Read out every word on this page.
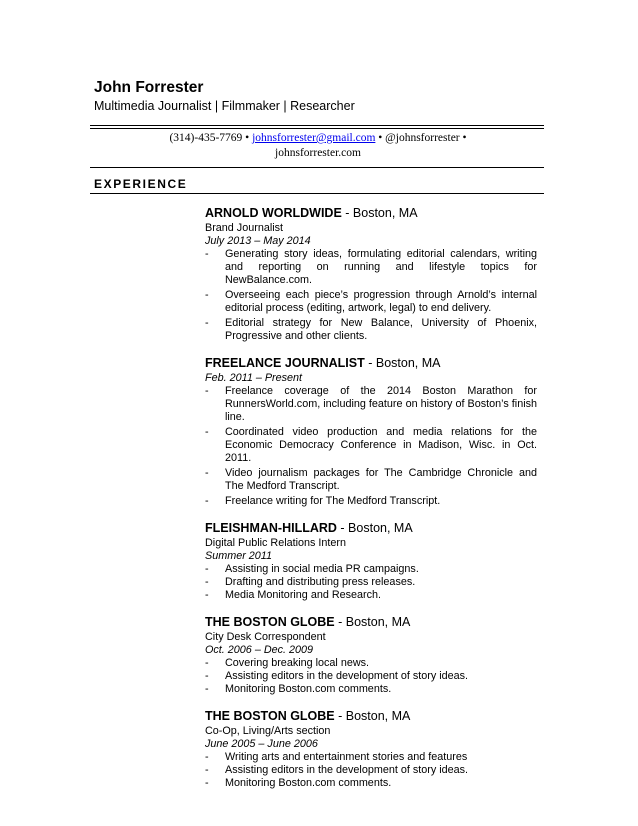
John Forrester

Multimedia Journalist | Filmmaker | Researcher

(314)-435-7769 • johnsforrester@gmail.com • @johnsforrester •
johnsforrester.com
EXPERIENCE

ARNOLD WORLDWIDE - Boston, MA

Brand Journalist

July 2013 – May 2014

- Generating story ideas, formulating editorial calendars, writing and reporting on running and lifestyle topics for NewBalance.com.
- Overseeing each piece’s progression through Arnold’s internal editorial process (editing, artwork, legal) to end delivery.
- Editorial strategy for New Balance, University of Phoenix, Progressive and other clients.

FREELANCE JOURNALIST - Boston, MA

Feb. 2011 – Present

- Freelance coverage of the 2014 Boston Marathon for RunnersWorld.com, including feature on history of Boston’s finish line.
- Coordinated video production and media relations for the Economic Democracy Conference in Madison, Wisc. in Oct. 2011.
- Video journalism packages for The Cambridge Chronicle and The Medford Transcript.
- Freelance writing for The Medford Transcript.

FLEISHMAN-HILLARD - Boston, MA

Digital Public Relations Intern

Summer 2011

- Assisting in social media PR campaigns.
- Drafting and distributing press releases.
- Media Monitoring and Research.

THE BOSTON GLOBE - Boston, MA

City Desk Correspondent

Oct. 2006 – Dec. 2009

- Covering breaking local news.
- Assisting editors in the development of story ideas.
- Monitoring Boston.com comments.

THE BOSTON GLOBE - Boston, MA

Co-Op, Living/Arts section

June 2005 – June 2006

- Writing arts and entertainment stories and features
- Assisting editors in the development of story ideas.
- Monitoring Boston.com comments.
